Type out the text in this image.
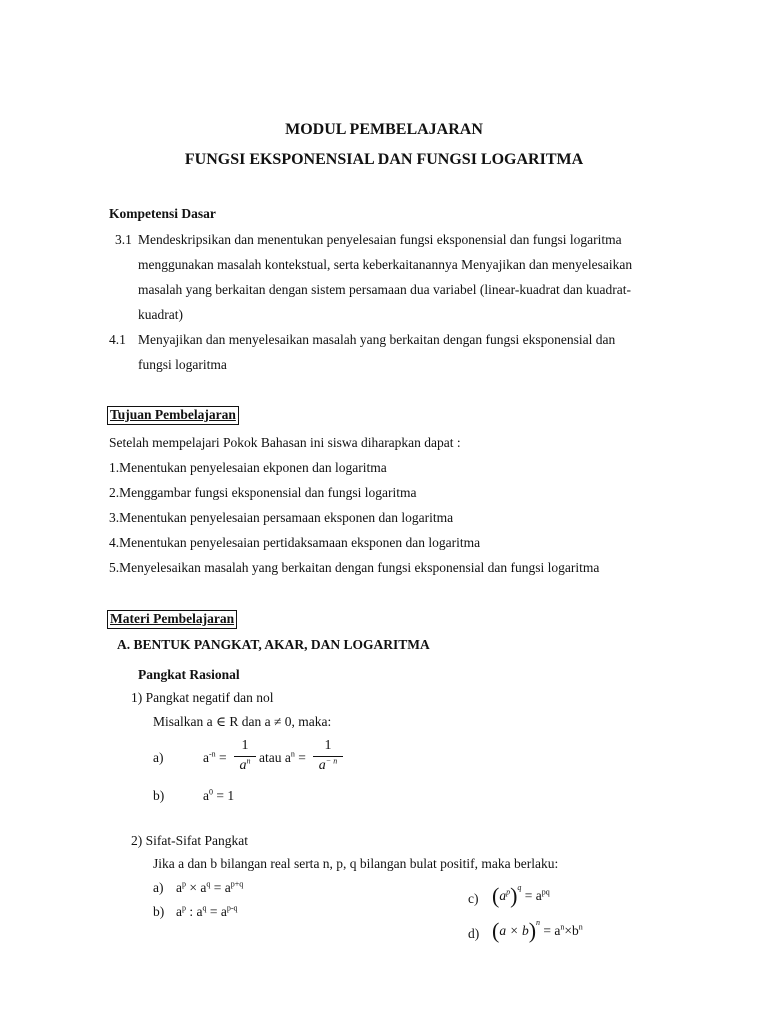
MODUL PEMBELAJARAN
FUNGSI EKSPONENSIAL DAN FUNGSI LOGARITMA
Kompetensi Dasar
3.1 Mendeskripsikan dan menentukan penyelesaian fungsi eksponensial dan fungsi logaritma
menggunakan masalah kontekstual, serta keberkaitanannya Menyajikan dan menyelesaikan
masalah yang berkaitan dengan sistem persamaan dua variabel (linear-kuadrat dan kuadrat-
kuadrat)
4.1 Menyajikan dan menyelesaikan masalah yang berkaitan dengan fungsi eksponensial dan
fungsi logaritma
Tujuan Pembelajaran
Setelah mempelajari Pokok Bahasan ini siswa diharapkan dapat :
1.Menentukan penyelesaian ekponen dan logaritma
2.Menggambar fungsi eksponensial dan fungsi logaritma
3.Menentukan penyelesaian persamaan eksponen dan logaritma
4.Menentukan penyelesaian pertidaksamaan eksponen dan logaritma
5.Menyelesaikan masalah yang berkaitan dengan fungsi eksponensial dan fungsi logaritma
Materi Pembelajaran
A. BENTUK PANGKAT, AKAR, DAN LOGARITMA
Pangkat Rasional
1) Pangkat negatif dan nol
Misalkan a ∈ R dan a ≠ 0, maka:
a)	$a^{-n}$ =
1
$a^n$ atau $a^n$ =
1
$a^{- n}$
b)	$a^0 = 1$
2) Sifat-Sifat Pangkat
Jika a dan b bilangan real serta n, p, q bilangan bulat positif, maka berlaku:
a) $a^p \times a^q = a^{p+q}$
b) $a^p$ : $a^q = a^{p-q}$
c) $(a^p)^q = a^{pq}$
d) $(a \times b)^n = a^n\times b^n$
